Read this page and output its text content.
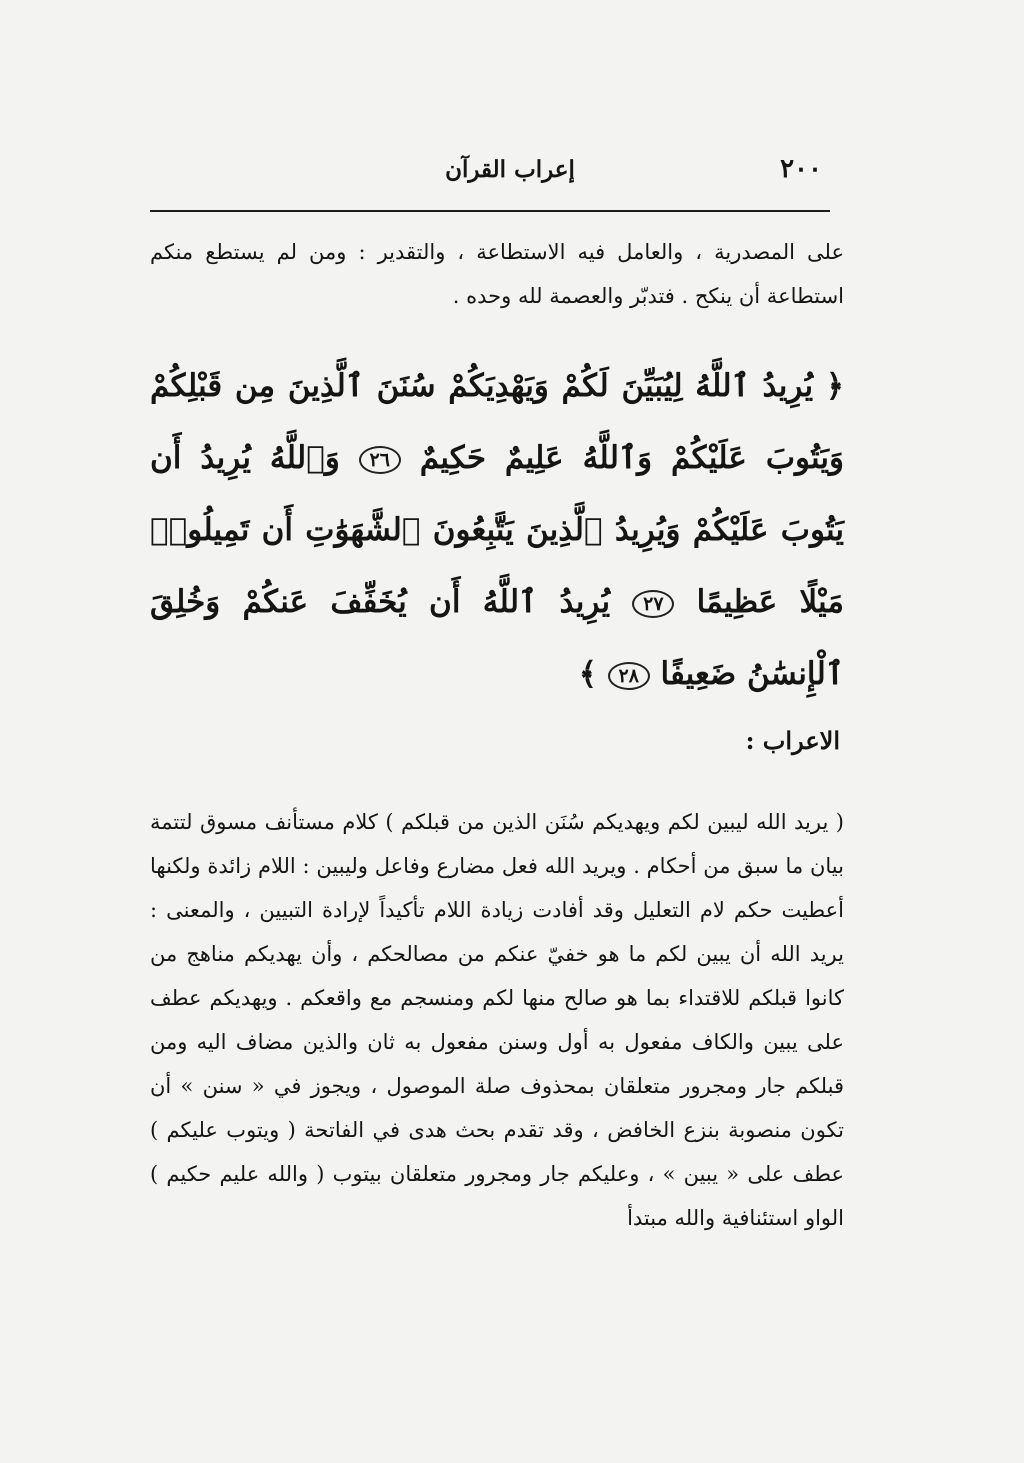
٢٠٠
إعراب القرآن
على المصدرية ، والعامل فيه الاستطاعة ، والتقدير : ومن لم يستطع منكم استطاعة أن ينكح . فتدبّر والعصمة لله وحده .
﴿ يُرِيدُ ٱللَّهُ لِيُبَيِّنَ لَكُمْ وَيَهْدِيَكُمْ سُنَنَ ٱلَّذِينَ مِن قَبْلِكُمْ وَيَتُوبَ عَلَيْكُمْ وَٱللَّهُ عَلِيمٌ حَكِيمٌ ٢٦ وَٱللَّهُ يُرِيدُ أَن يَتُوبَ عَلَيْكُمْ وَيُرِيدُ ٱلَّذِينَ يَتَّبِعُونَ ٱلشَّهَوَٰتِ أَن تَمِيلُوا۟ مَيْلًا عَظِيمًا ٢٧ يُرِيدُ ٱللَّهُ أَن يُخَفِّفَ عَنكُمْ وَخُلِقَ ٱلْإِنسَٰنُ ضَعِيفًا ٢٨ ﴾
الاعراب :
( يريد الله ليبين لكم ويهديكم سُنَن الذين من قبلكم ) كلام مستأنف مسوق لتتمة بيان ما سبق من أحكام . ويريد الله فعل مضارع وفاعل وليبين : اللام زائدة ولكنها أعطيت حكم لام التعليل وقد أفادت زيادة اللام تأكيداً لإرادة التبيين ، والمعنى : يريد الله أن يبين لكم ما هو خفيّ عنكم من مصالحكم ، وأن يهديكم مناهج من كانوا قبلكم للاقتداء بما هو صالح منها لكم ومنسجم مع واقعكم . ويهديكم عطف على يبين والكاف مفعول به أول وسنن مفعول به ثان والذين مضاف اليه ومن قبلكم جار ومجرور متعلقان بمحذوف صلة الموصول ، ويجوز في « سنن » أن تكون منصوبة بنزع الخافض ، وقد تقدم بحث هدى في الفاتحة ( ويتوب عليكم ) عطف على « يبين » ، وعليكم جار ومجرور متعلقان بيتوب ( والله عليم حكيم ) الواو استئنافية والله مبتدأ
